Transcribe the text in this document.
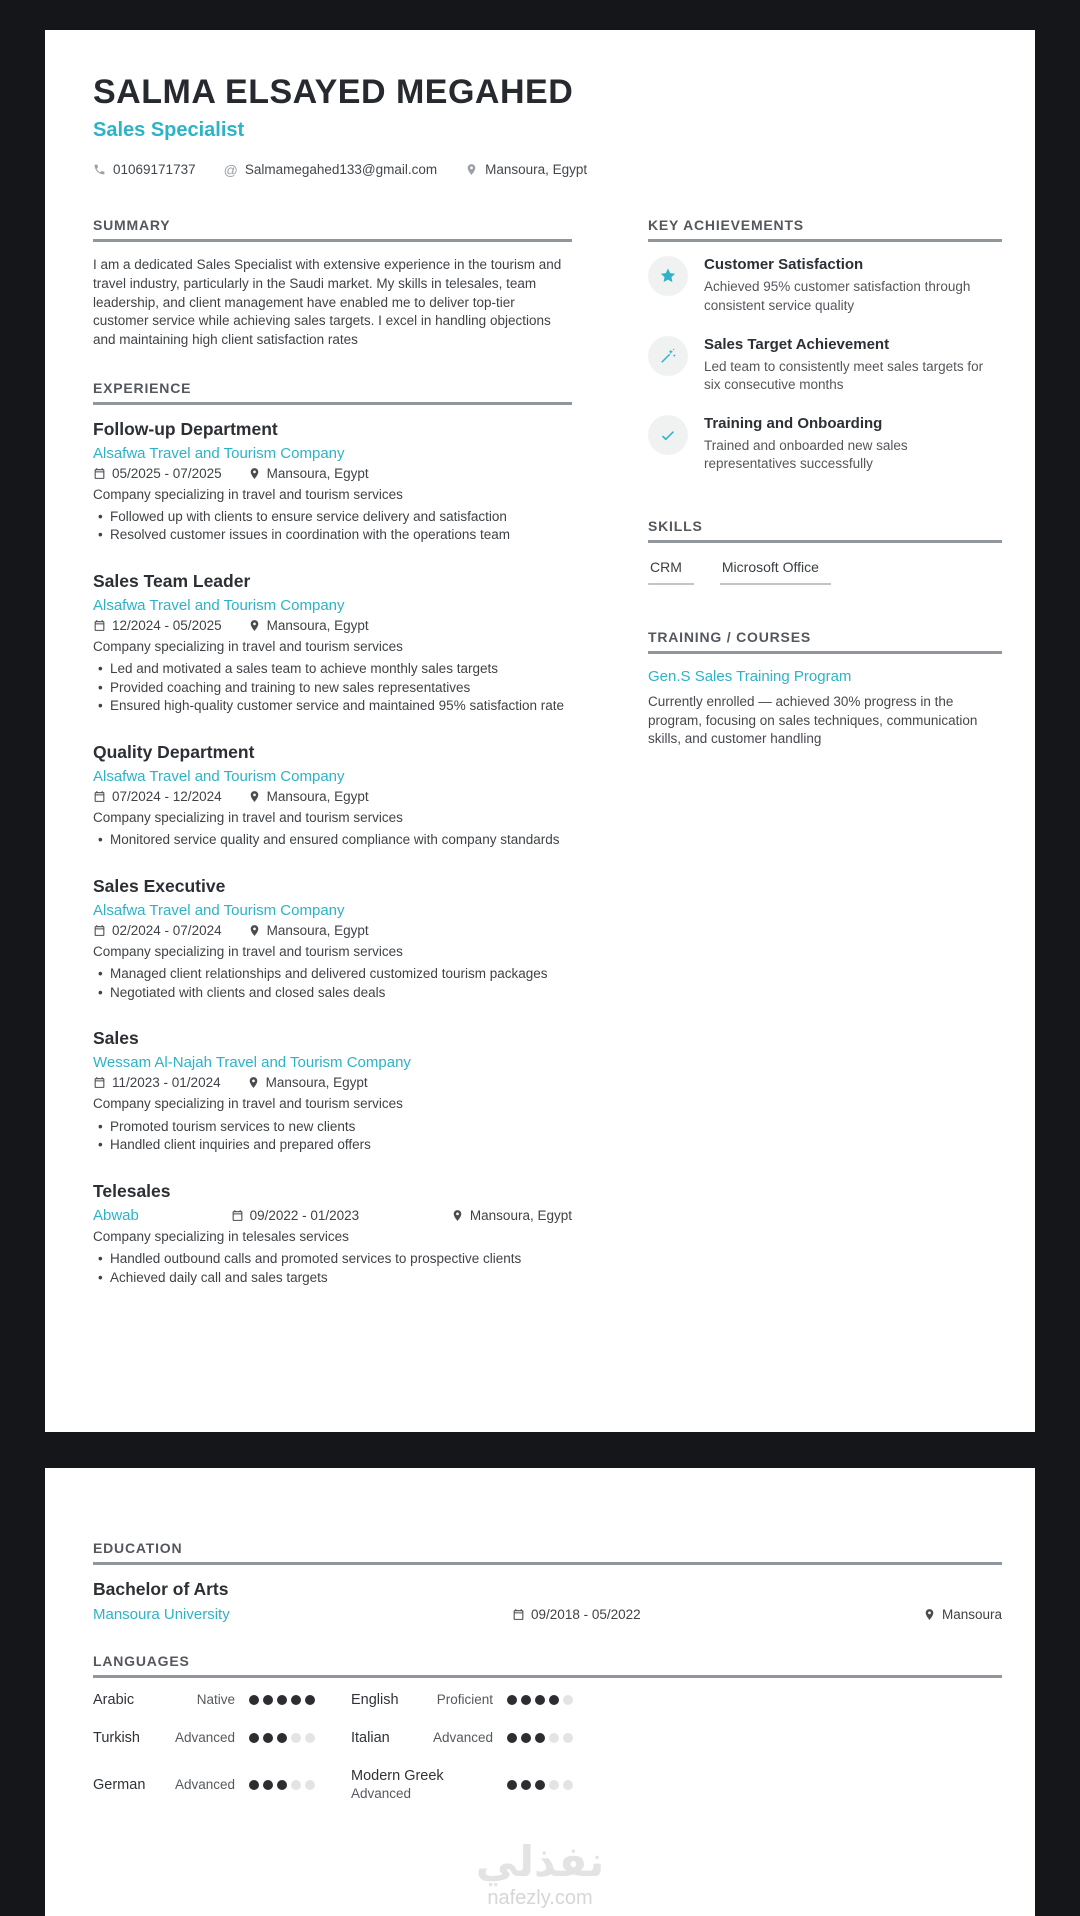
SALMA ELSAYED MEGAHED
Sales Specialist
01069171737 @ Salmamegahed133@gmail.com	Mansoura, Egypt
SUMMARY

I am a dedicated Sales Specialist with extensive experience in the tourism and travel industry, particularly in the Saudi market. My skills in telesales, team leadership, and client management have enabled me to deliver top-tier customer service while achieving sales targets. I excel in handling objections and maintaining high client satisfaction rates

EXPERIENCE
Follow-up Department
Alsafwa Travel and Tourism Company
05/2025 - 07/2025	Mansoura, Egypt

Company specializing in travel and tourism services

• Followed up with clients to ensure service delivery and satisfaction
• Resolved customer issues in coordination with the operations team
Sales Team Leader
Alsafwa Travel and Tourism Company
12/2024 - 05/2025	Mansoura, Egypt

Company specializing in travel and tourism services

• Led and motivated a sales team to achieve monthly sales targets
• Provided coaching and training to new sales representatives
• Ensured high-quality customer service and maintained 95% satisfaction rate
Quality Department
Alsafwa Travel and Tourism Company
07/2024 - 12/2024	Mansoura, Egypt

Company specializing in travel and tourism services

• Monitored service quality and ensured compliance with company standards
Sales Executive
Alsafwa Travel and Tourism Company
02/2024 - 07/2024	Mansoura, Egypt

Company specializing in travel and tourism services

• Managed client relationships and delivered customized tourism packages
• Negotiated with clients and closed sales deals
Sales
Wessam Al-Najah Travel and Tourism Company
11/2023 - 01/2024	Mansoura, Egypt

Company specializing in travel and tourism services

• Promoted tourism services to new clients
• Handled client inquiries and prepared offers
Telesales
Abwab	09/2022 - 01/2023	Mansoura, Egypt

Company specializing in telesales services

• Handled outbound calls and promoted services to prospective clients
• Achieved daily call and sales targets
KEY ACHIEVEMENTS
Customer Satisfaction
Achieved 95% customer satisfaction through consistent service quality
Sales Target Achievement
Led team to consistently meet sales targets for six consecutive months
Training and Onboarding
Trained and onboarded new sales representatives successfully
SKILLS
CRM	Microsoft Office
TRAINING / COURSES
Gen.S Sales Training Program

Currently enrolled — achieved 30% progress in the program, focusing on sales techniques, communication skills, and customer handling

EDUCATION
Bachelor of Arts
Mansoura University	09/2018 - 05/2022	Mansoura
LANGUAGES
Arabic	Native	English	Proficient
Turkish	Advanced	Italian	Advanced
German	Advanced	Modern Greek
Advanced
نفذلي
nafezly.com
